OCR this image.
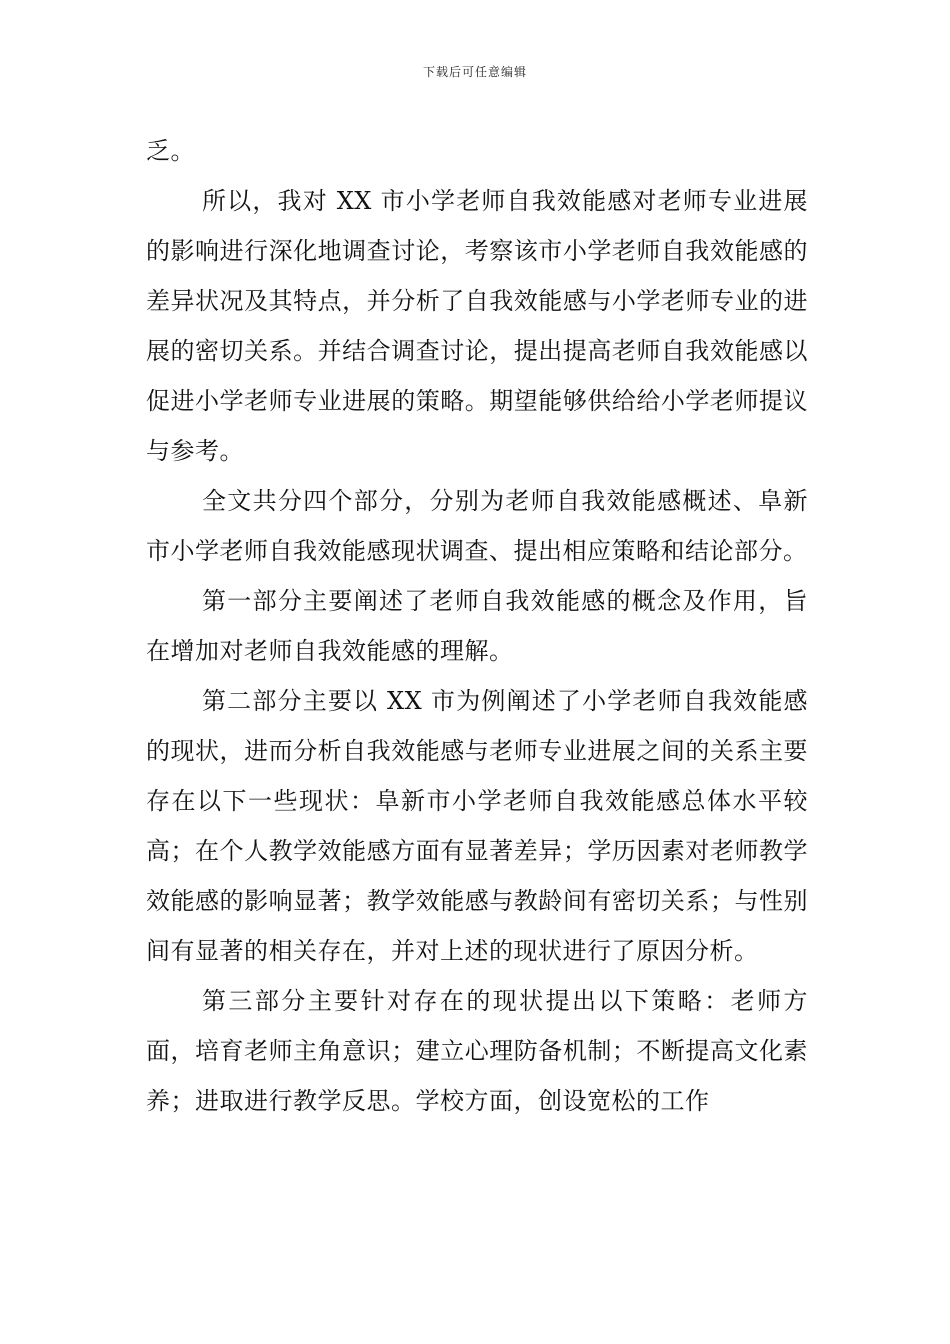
下载后可任意编辑

乏。

所以，我对 XX 市小学老师自我效能感对老师专业进展的影响进行深化地调查讨论，考察该市小学老师自我效能感的差异状况及其特点，并分析了自我效能感与小学老师专业的进展的密切关系。并结合调查讨论，提出提高老师自我效能感以促进小学老师专业进展的策略。期望能够供给给小学老师提议与参考。

全文共分四个部分，分别为老师自我效能感概述、阜新市小学老师自我效能感现状调查、提出相应策略和结论部分。

第一部分主要阐述了老师自我效能感的概念及作用，旨在增加对老师自我效能感的理解。

第二部分主要以 XX 市为例阐述了小学老师自我效能感的现状，进而分析自我效能感与老师专业进展之间的关系主要存在以下一些现状：阜新市小学老师自我效能感总体水平较高；在个人教学效能感方面有显著差异；学历因素对老师教学效能感的影响显著；教学效能感与教龄间有密切关系；与性别间有显著的相关存在，并对上述的现状进行了原因分析。

第三部分主要针对存在的现状提出以下策略：老师方面，培育老师主角意识；建立心理防备机制；不断提高文化素养；进取进行教学反思。学校方面，创设宽松的工作
